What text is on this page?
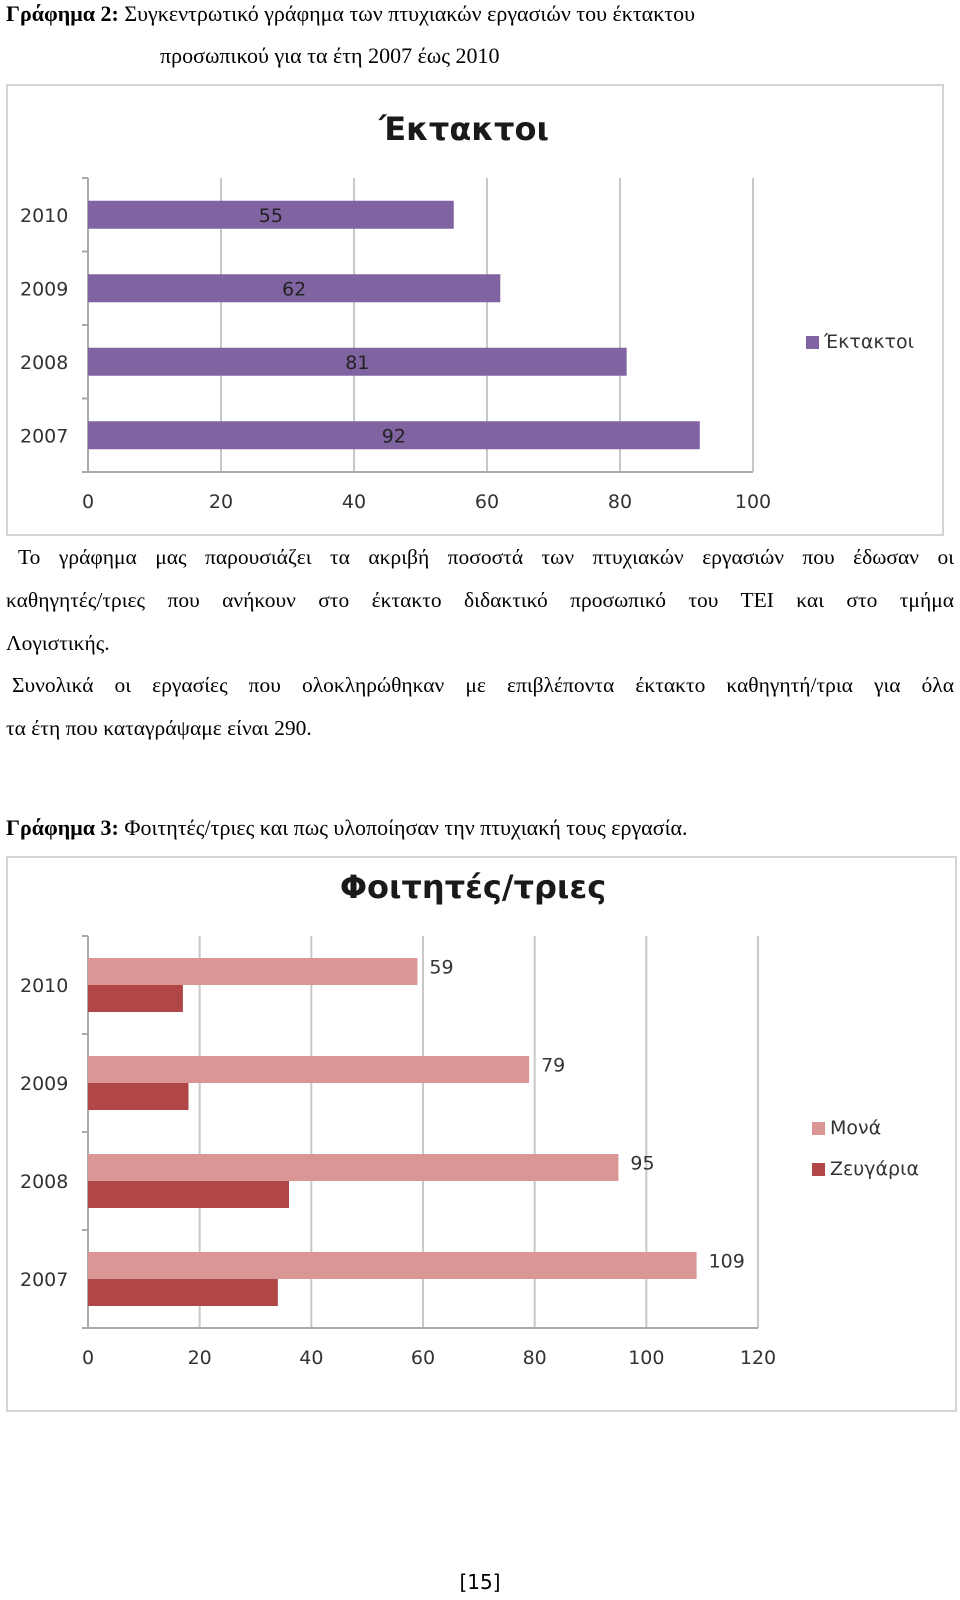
Γράφημα 2: Συγκεντρωτικό γράφημα των πτυχιακών εργασιών του έκτακτου
προσωπικού για τα έτη 2007 έως 2010
Έκτακτοι
0	20	40	60	80	100
2010	55
2009	62
2008	81
2007	92
Έκτακτοι
Το γράφημα μας παρουσιάζει τα ακριβή ποσοστά των πτυχιακών εργασιών που έδωσαν οι
καθηγητές/τριες που ανήκουν στο έκτακτο διδακτικό προσωπικό του ΤΕΙ και στο τμήμα
Λογιστικής.
Συνολικά οι εργασίες που ολοκληρώθηκαν με επιβλέποντα έκτακτο καθηγητή/τρια για όλα
τα έτη που καταγράψαμε είναι 290.
Γράφημα 3: Φοιτητές/τριες και πως υλοποίησαν την πτυχιακή τους εργασία.
Φοιτητές/τριες
0	20	40	60	80	100	120
2010
59
2009
79
2008
95
2007
109
Μονά
Ζευγάρια
[15]
